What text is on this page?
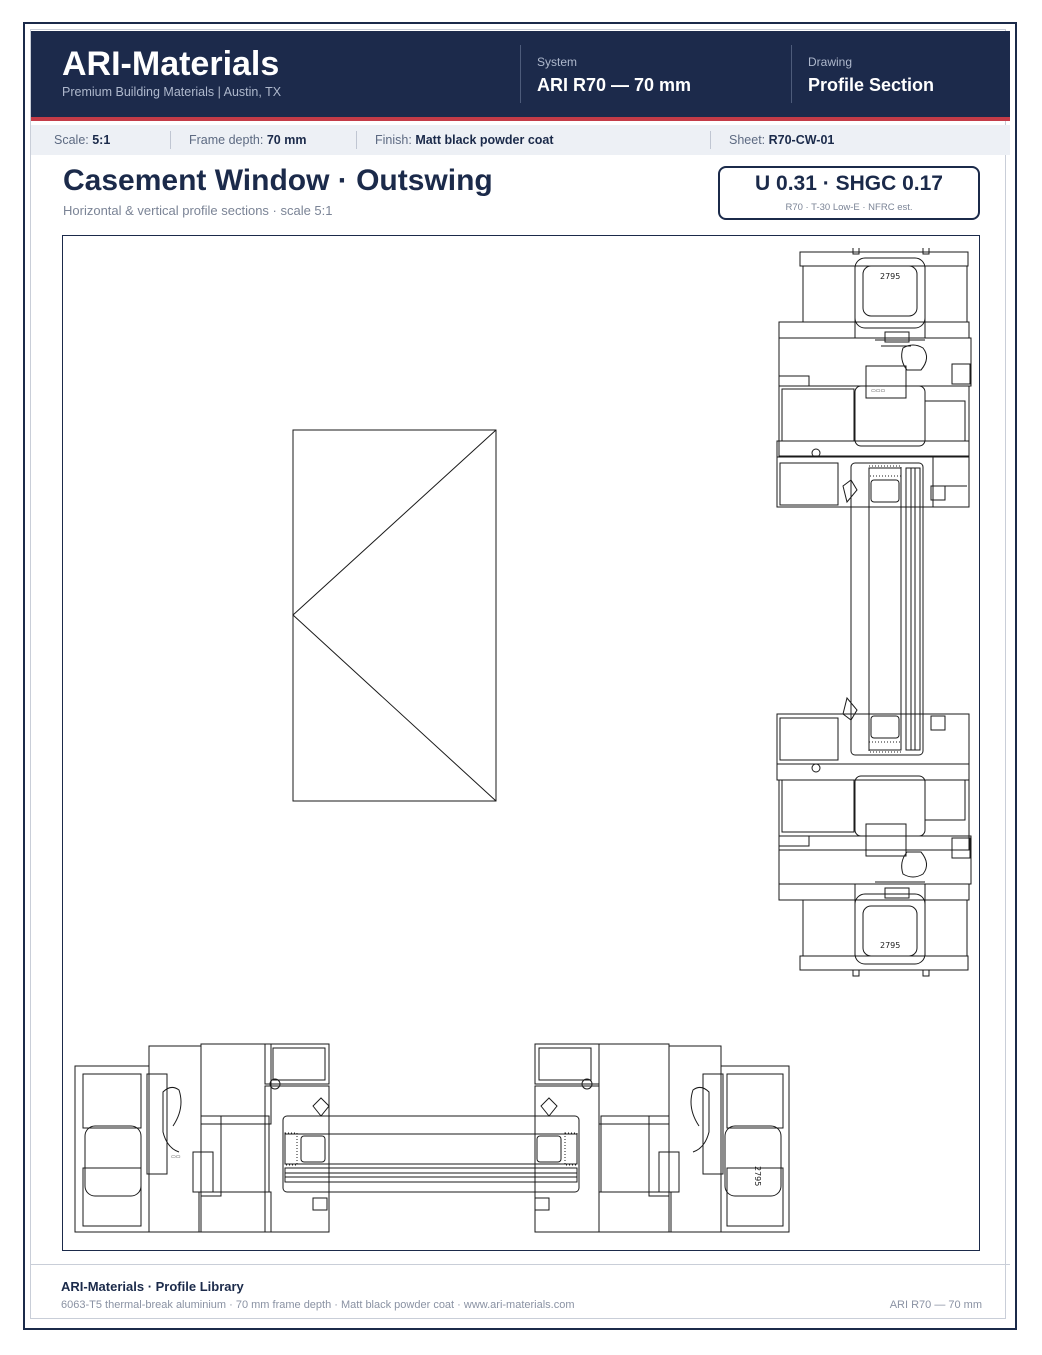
ARI-Materials
Premium Building Materials | Austin, TX
System
ARI R70 — 70 mm
Drawing
Profile Section
Scale: 5:1	Frame depth: 70 mm	Finish: Matt black powder coat	Sheet: R70-CW-01
Casement Window · Outswing
Horizontal & vertical profile sections · scale 5:1
U 0.31 · SHGC 0.17
R70 · T-30 Low-E · NFRC est.
2795
▭▭▭
2795
▭▭
2795
ARI-Materials · Profile Library
6063-T5 thermal-break aluminium · 70 mm frame depth · Matt black powder coat · www.ari-materials.com	ARI R70 — 70 mm
